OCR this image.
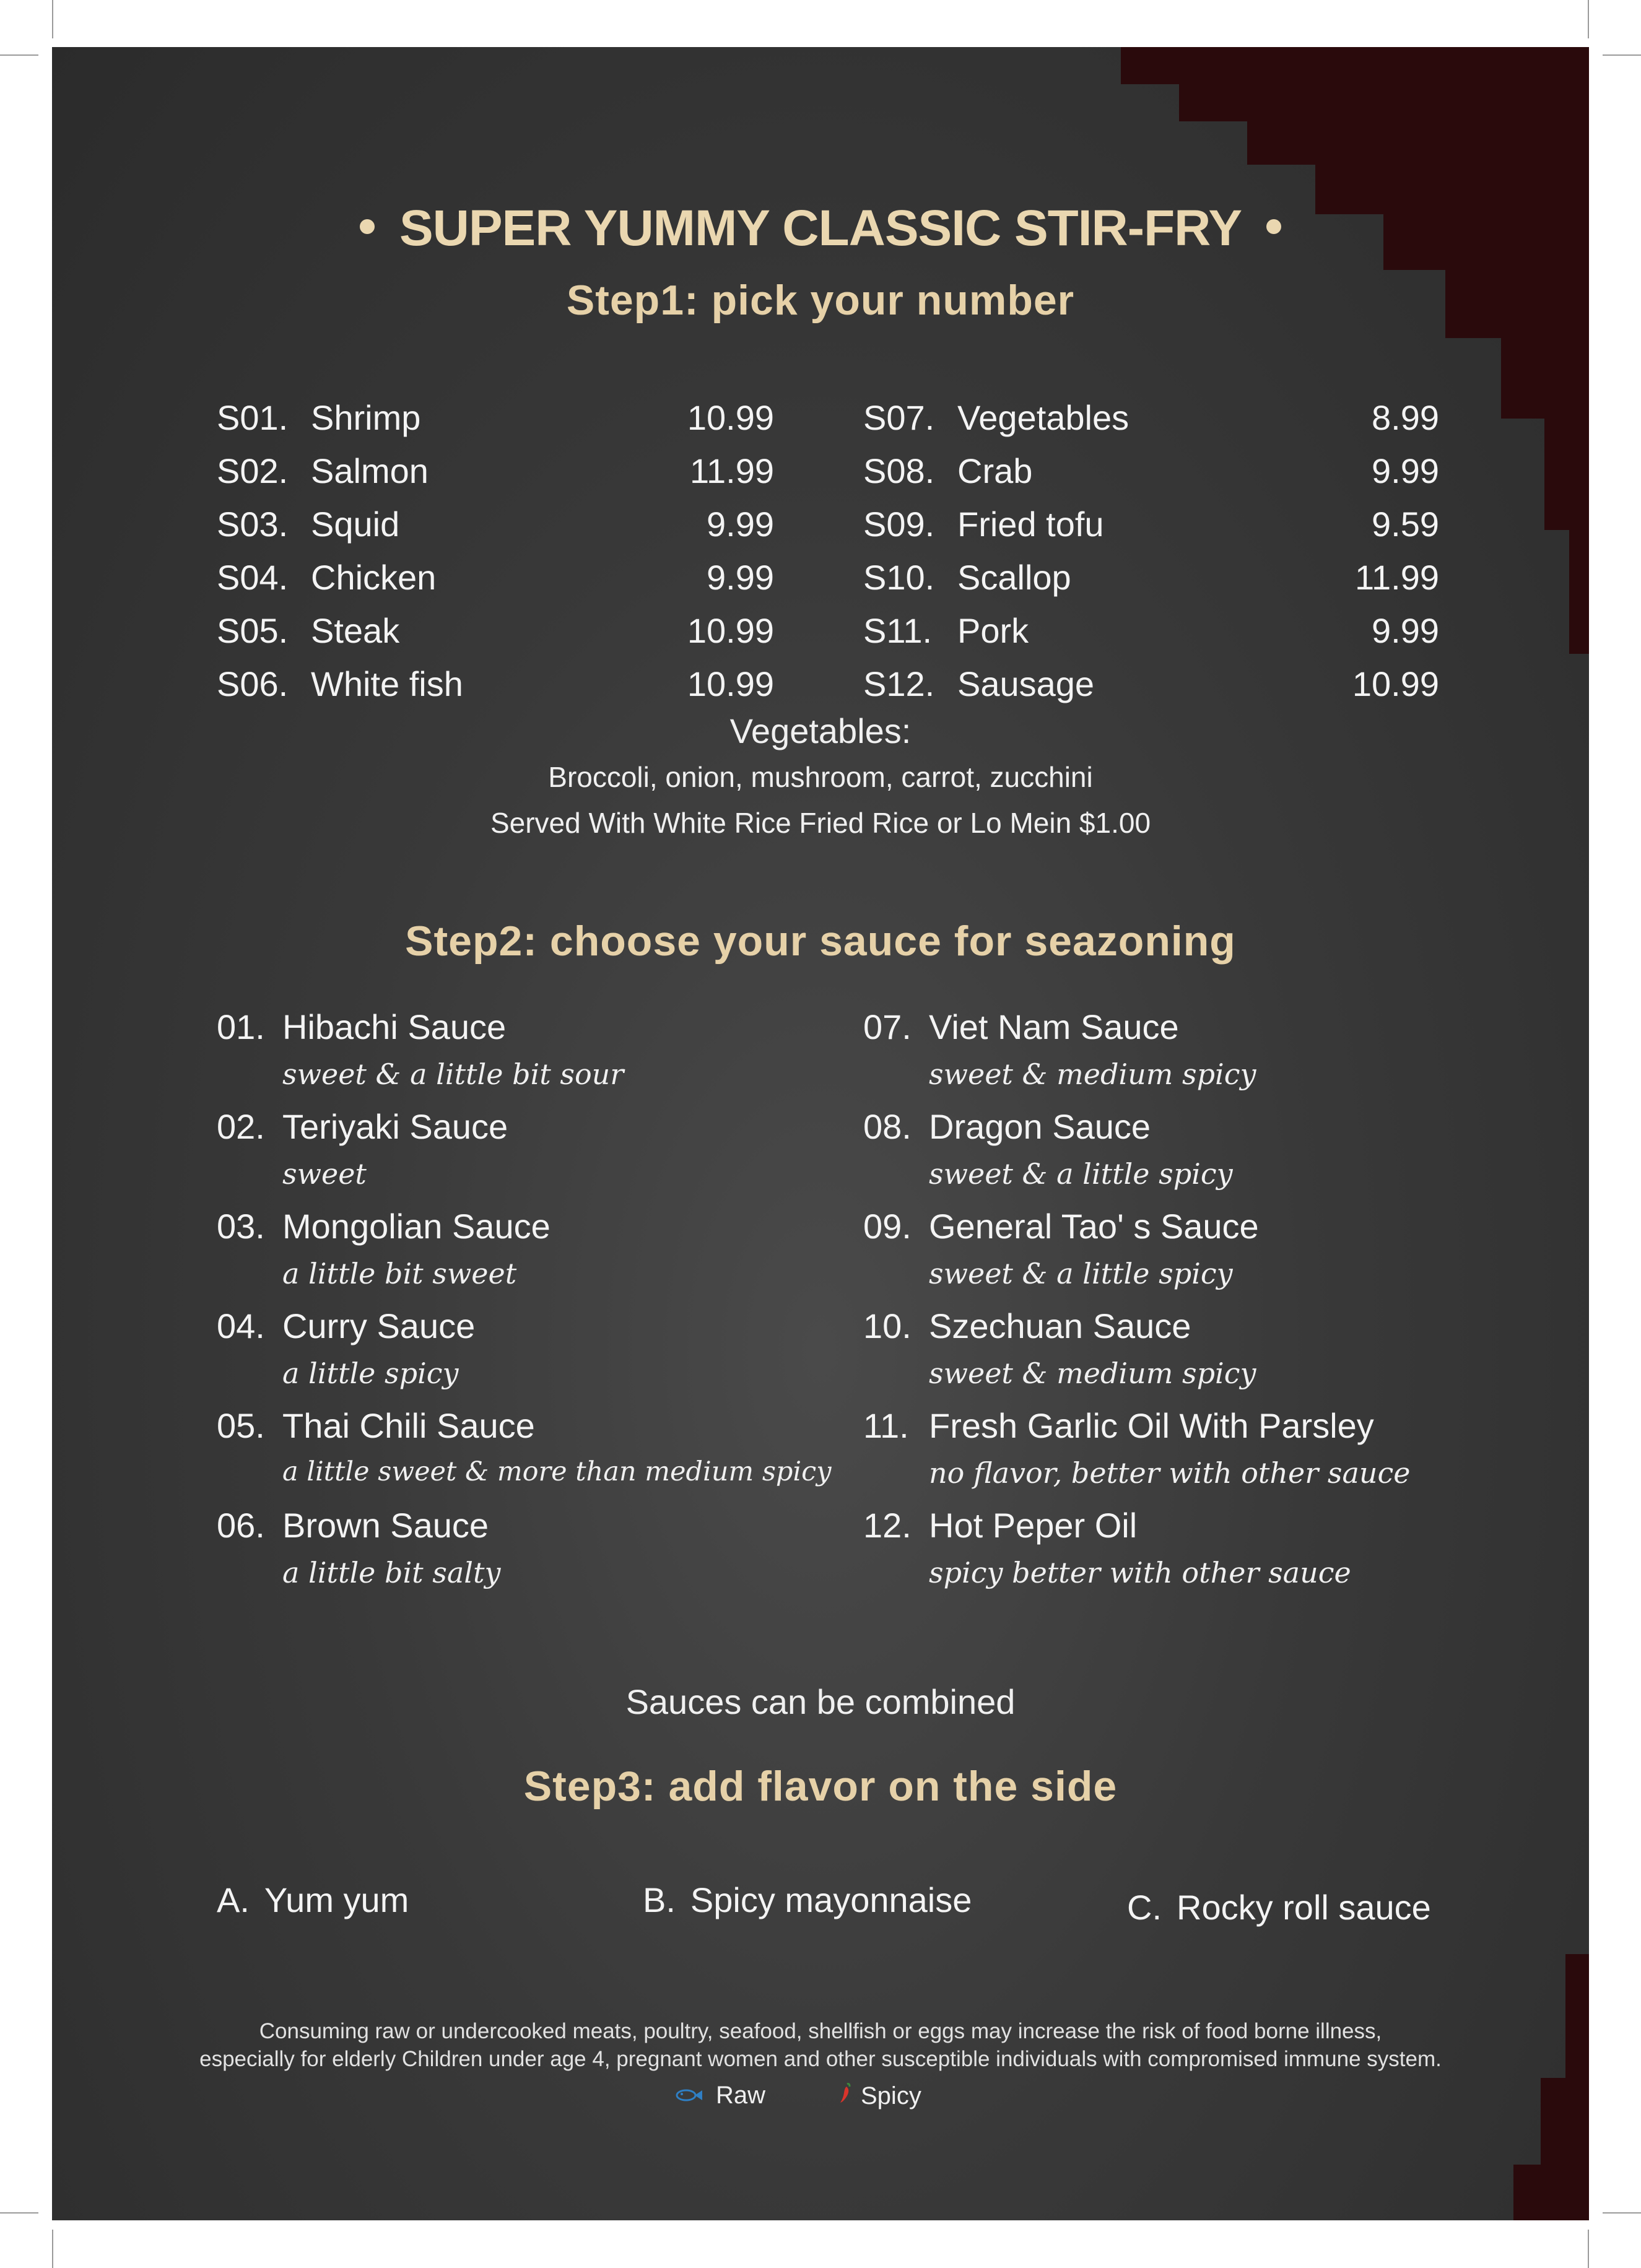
SUPER YUMMY CLASSIC STIR-FRY
Step1: pick your number
S01. Shrimp	10.99
S02. Salmon	11.99
S03. Squid	9.99
S04. Chicken	9.99
S05. Steak	10.99
S06. White fish	10.99
S07. Vegetables	8.99
S08. Crab	9.99
S09. Fried tofu	9.59
S10. Scallop	11.99
S11. Pork	9.99
S12. Sausage	10.99
Vegetables:
Broccoli, onion, mushroom, carrot, zucchini
Served With White Rice Fried Rice or Lo Mein $1.00
Step2: choose your sauce for seazoning
01. Hibachi Sauce
sweet & a little bit sour
02. Teriyaki Sauce
sweet
03. Mongolian Sauce
a little bit sweet
04. Curry Sauce
a little spicy
05. Thai Chili Sauce
a little sweet & more than medium spicy
06. Brown Sauce
a little bit salty
07. Viet Nam Sauce
sweet & medium spicy
08. Dragon Sauce
sweet & a little spicy
09. General Tao' s Sauce
sweet & a little spicy
10. Szechuan Sauce
sweet & medium spicy
11. Fresh Garlic Oil With Parsley
no flavor, better with other sauce
12. Hot Peper Oil
spicy better with other sauce
Sauces can be combined
Step3: add flavor on the side
A. Yum yum	B. Spicy mayonnaise	C. Rocky roll sauce
Consuming raw or undercooked meats, poultry, seafood, shellfish or eggs may increase the risk of food borne illness,
especially for elderly Children under age 4, pregnant women and other susceptible individuals with compromised immune system.
Raw	Spicy
